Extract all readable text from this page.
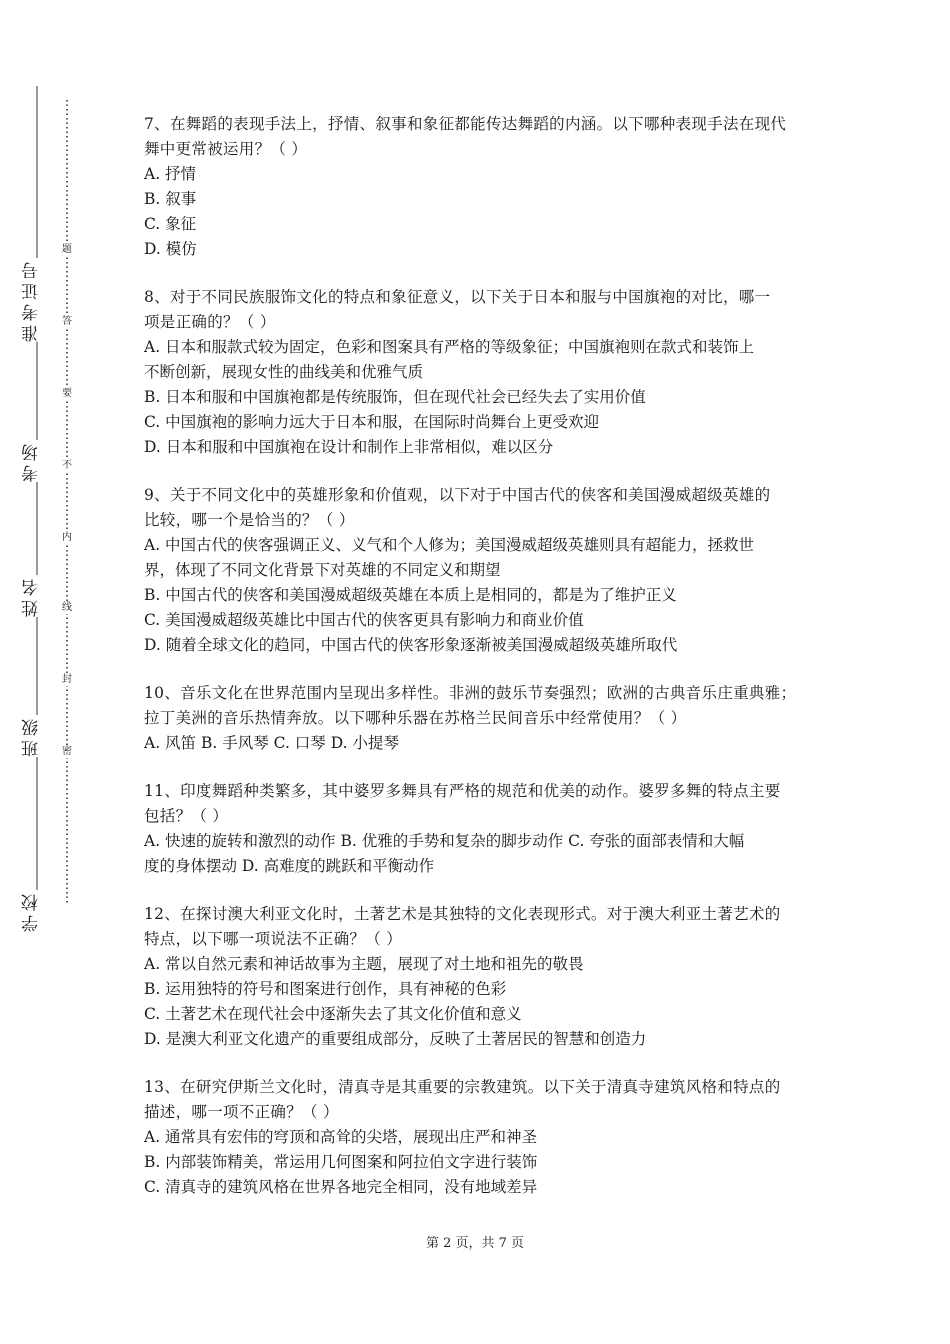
准考证号
考场
姓名
班级
学校
题
答
要
不
内
线
封
密
7、在舞蹈的表现手法上，抒情、叙事和象征都能传达舞蹈的内涵。以下哪种表现手法在现代
舞中更常被运用？（ ）
A. 抒情
B. 叙事
C. 象征
D. 模仿
8、对于不同民族服饰文化的特点和象征意义，以下关于日本和服与中国旗袍的对比，哪一
项是正确的？（ ）
A. 日本和服款式较为固定，色彩和图案具有严格的等级象征；中国旗袍则在款式和装饰上
不断创新，展现女性的曲线美和优雅气质
B. 日本和服和中国旗袍都是传统服饰，但在现代社会已经失去了实用价值
C. 中国旗袍的影响力远大于日本和服，在国际时尚舞台上更受欢迎
D. 日本和服和中国旗袍在设计和制作上非常相似，难以区分
9、关于不同文化中的英雄形象和价值观，以下对于中国古代的侠客和美国漫威超级英雄的
比较，哪一个是恰当的？（ ）
A. 中国古代的侠客强调正义、义气和个人修为；美国漫威超级英雄则具有超能力，拯救世
界，体现了不同文化背景下对英雄的不同定义和期望
B. 中国古代的侠客和美国漫威超级英雄在本质上是相同的，都是为了维护正义
C. 美国漫威超级英雄比中国古代的侠客更具有影响力和商业价值
D. 随着全球文化的趋同，中国古代的侠客形象逐渐被美国漫威超级英雄所取代
10、音乐文化在世界范围内呈现出多样性。非洲的鼓乐节奏强烈；欧洲的古典音乐庄重典雅；
拉丁美洲的音乐热情奔放。以下哪种乐器在苏格兰民间音乐中经常使用？（ ）
A. 风笛 B. 手风琴 C. 口琴 D. 小提琴
11、印度舞蹈种类繁多，其中婆罗多舞具有严格的规范和优美的动作。婆罗多舞的特点主要
包括？（ ）
A. 快速的旋转和激烈的动作 B. 优雅的手势和复杂的脚步动作 C. 夸张的面部表情和大幅
度的身体摆动 D. 高难度的跳跃和平衡动作
12、在探讨澳大利亚文化时，土著艺术是其独特的文化表现形式。对于澳大利亚土著艺术的
特点，以下哪一项说法不正确？（ ）
A. 常以自然元素和神话故事为主题，展现了对土地和祖先的敬畏
B. 运用独特的符号和图案进行创作，具有神秘的色彩
C. 土著艺术在现代社会中逐渐失去了其文化价值和意义
D. 是澳大利亚文化遗产的重要组成部分，反映了土著居民的智慧和创造力
13、在研究伊斯兰文化时，清真寺是其重要的宗教建筑。以下关于清真寺建筑风格和特点的
描述，哪一项不正确？（ ）
A. 通常具有宏伟的穹顶和高耸的尖塔，展现出庄严和神圣
B. 内部装饰精美，常运用几何图案和阿拉伯文字进行装饰
C. 清真寺的建筑风格在世界各地完全相同，没有地域差异
第 2 页，共 7 页
